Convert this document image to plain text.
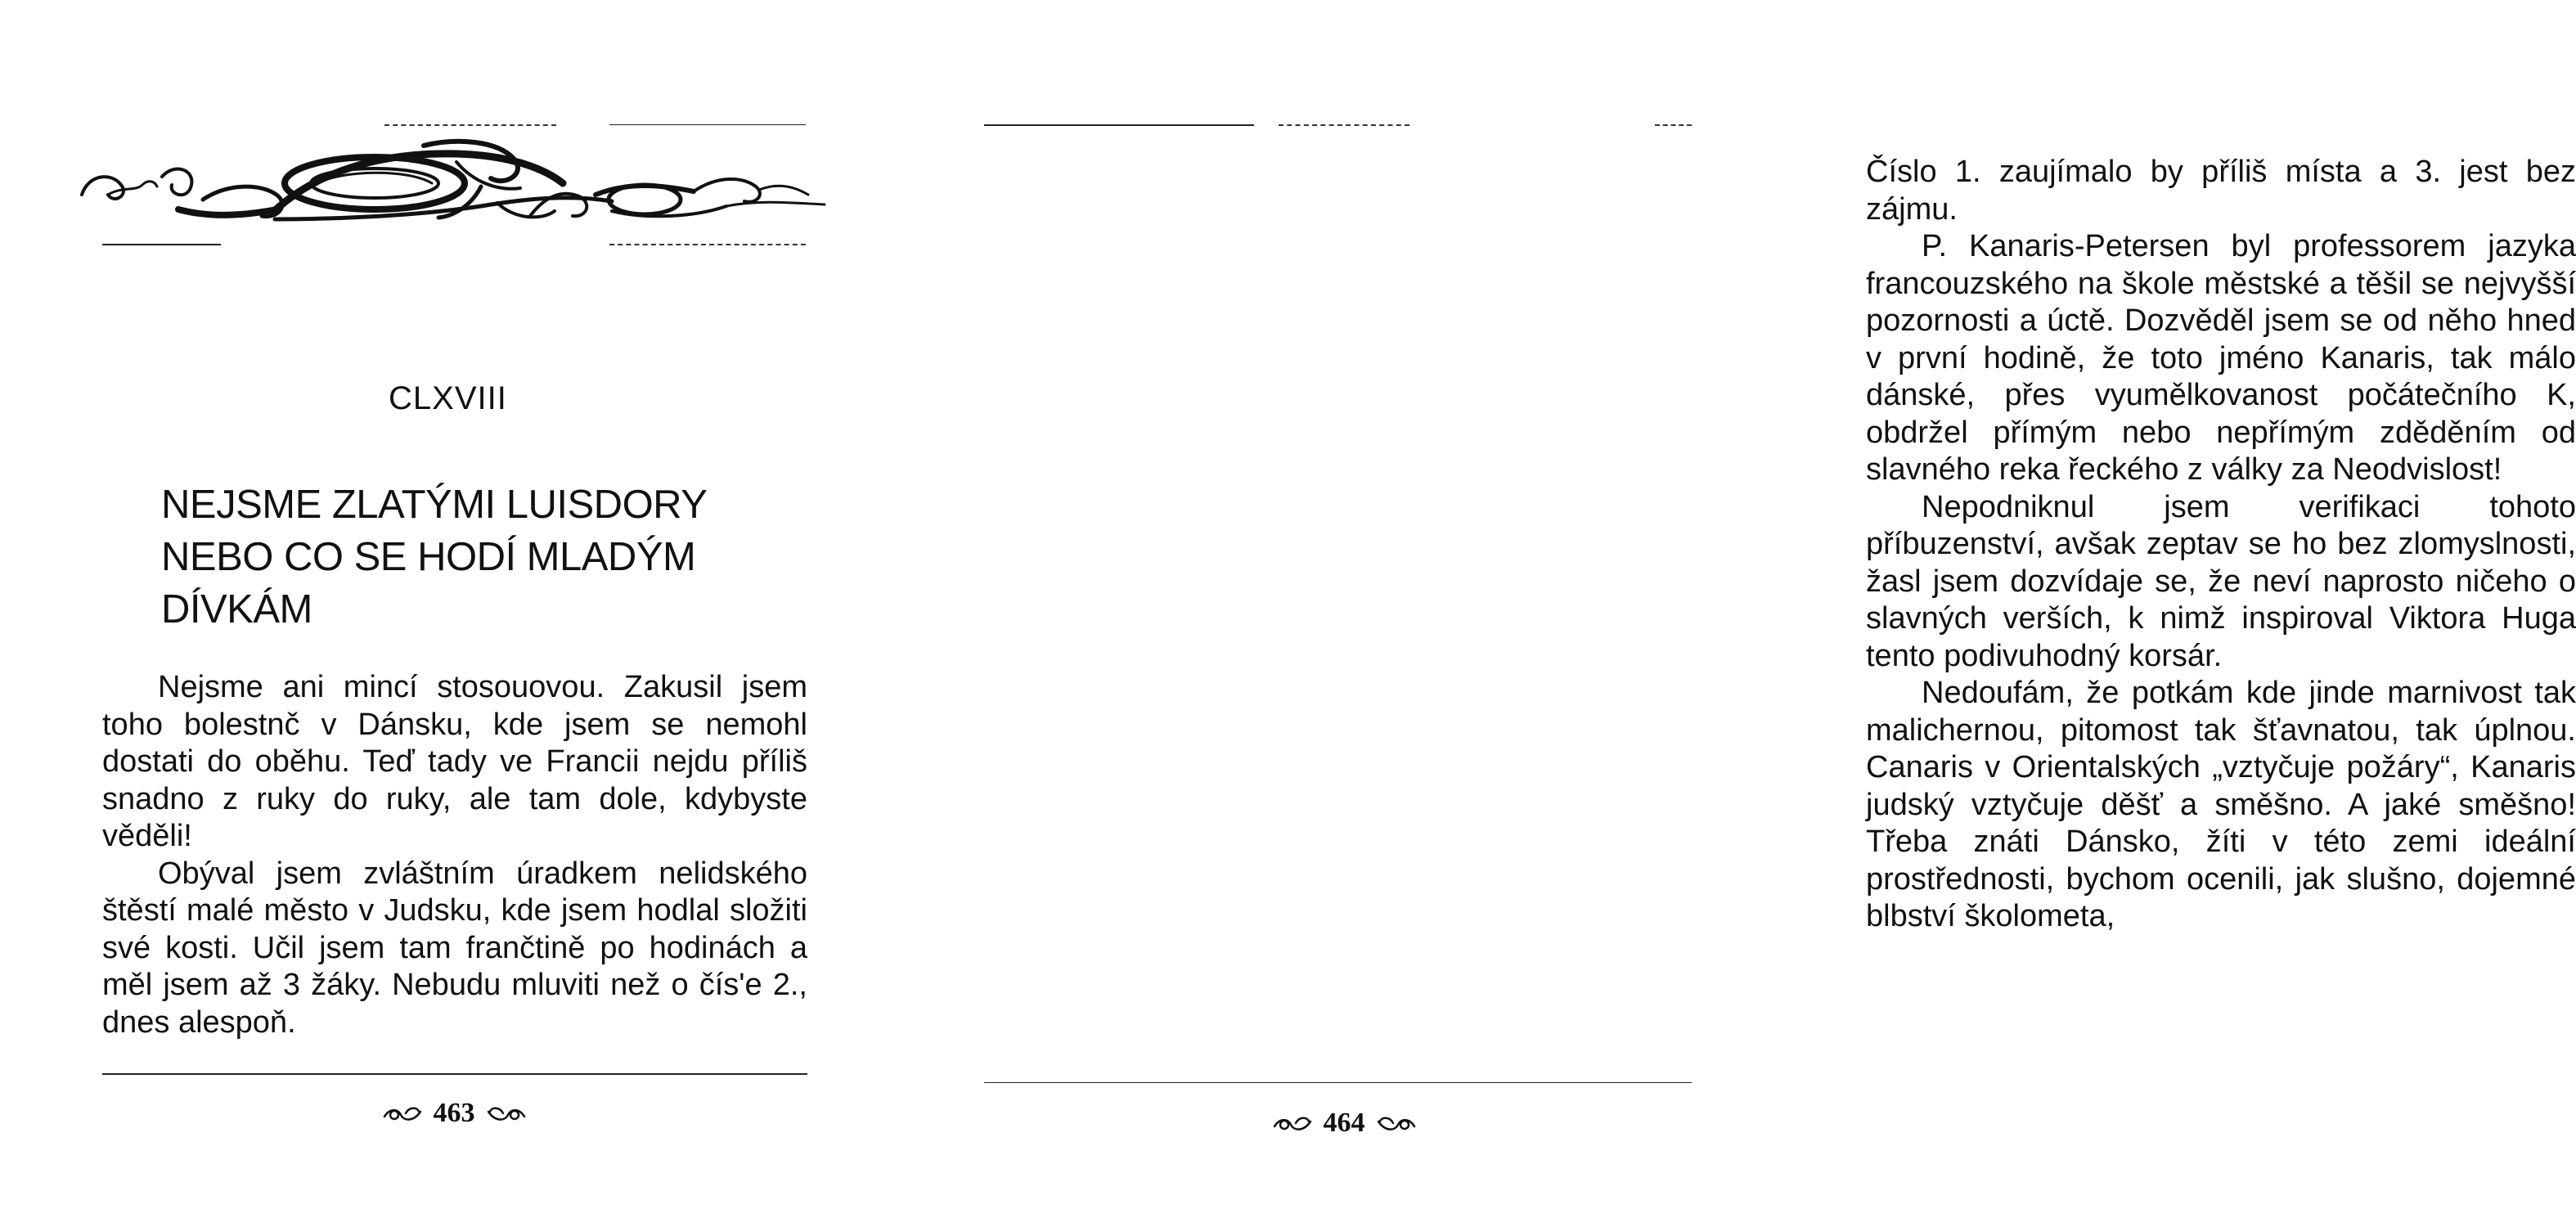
CLXVIII
NEJSME ZLATÝMI LUISDORY NEBO CO SE HODÍ MLADÝM DÍVKÁM

Nejsme ani mincí stosouovou. Zakusil jsem toho bolestnč v Dánsku, kde jsem se nemohl dostati do oběhu. Teď tady ve Francii nejdu příliš snadno z ruky do ruky, ale tam dole, kdybyste věděli!

Obýval jsem zvláštním úradkem nelidského štěstí malé město v Judsku, kde jsem hodlal složiti své kosti. Učil jsem tam frančtině po hodinách a měl jsem až 3 žáky. Nebudu mluviti než o čís'e 2., dnes alespoň.

463

Číslo 1. zaujímalo by příliš místa a 3. jest bez zájmu.

P. Kanaris-Petersen byl professorem jazyka francouzského na škole městské a těšil se nejvyšší pozornosti a úctě. Dozvěděl jsem se od něho hned v první hodině, že toto jméno Kanaris, tak málo dánské, přes vyumělkovanost počátečního K, obdržel přímým nebo nepřímým zděděním od slavného reka řeckého z války za Neodvislost!

Nepodniknul jsem verifikaci tohoto příbuzenství, avšak zeptav se ho bez zlomyslnosti, žasl jsem dozvídaje se, že neví naprosto ničeho o slavných verších, k nimž inspiroval Viktora Huga tento podivuhodný korsár.

Nedoufám, že potkám kde jinde marnivost tak malichernou, pitomost tak šťavnatou, tak úplnou. Canaris v Orientalských „vztyčuje požáry“, Kanaris judský vztyčuje děšť a směšno. A jaké směšno! Třeba znáti Dánsko, žíti v této zemi ideální prostřednosti, bychom ocenili, jak slušno, dojemné blbství školometa,

464
